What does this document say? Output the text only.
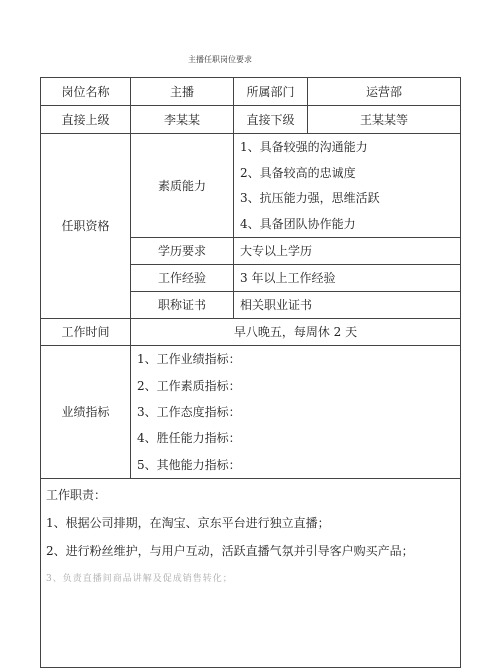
主播任职岗位要求
岗位名称	主播	所属部门	运营部
直接上级	李某某	直接下级	王某某等
任职资格	素质能力	1、具备较强的沟通能力
2、具备较高的忠诚度
3、抗压能力强，思维活跃
4、具备团队协作能力	

	学历要求	大专以上学历	
	工作经验	3 年以上工作经验	
	职称证书	相关职业证书	
工作时间	早八晚五，每周休 2 天		
业绩指标	1、工作业绩指标：
2、工作素质指标：
3、工作态度指标：
4、胜任能力指标：
5、其他能力指标：		

工作职责：
1、根据公司排期，在淘宝、京东平台进行独立直播；
2、进行粉丝维护，与用户互动，活跃直播气氛并引导客户购买产品；
3、负责直播间商品讲解及促成销售转化；			
